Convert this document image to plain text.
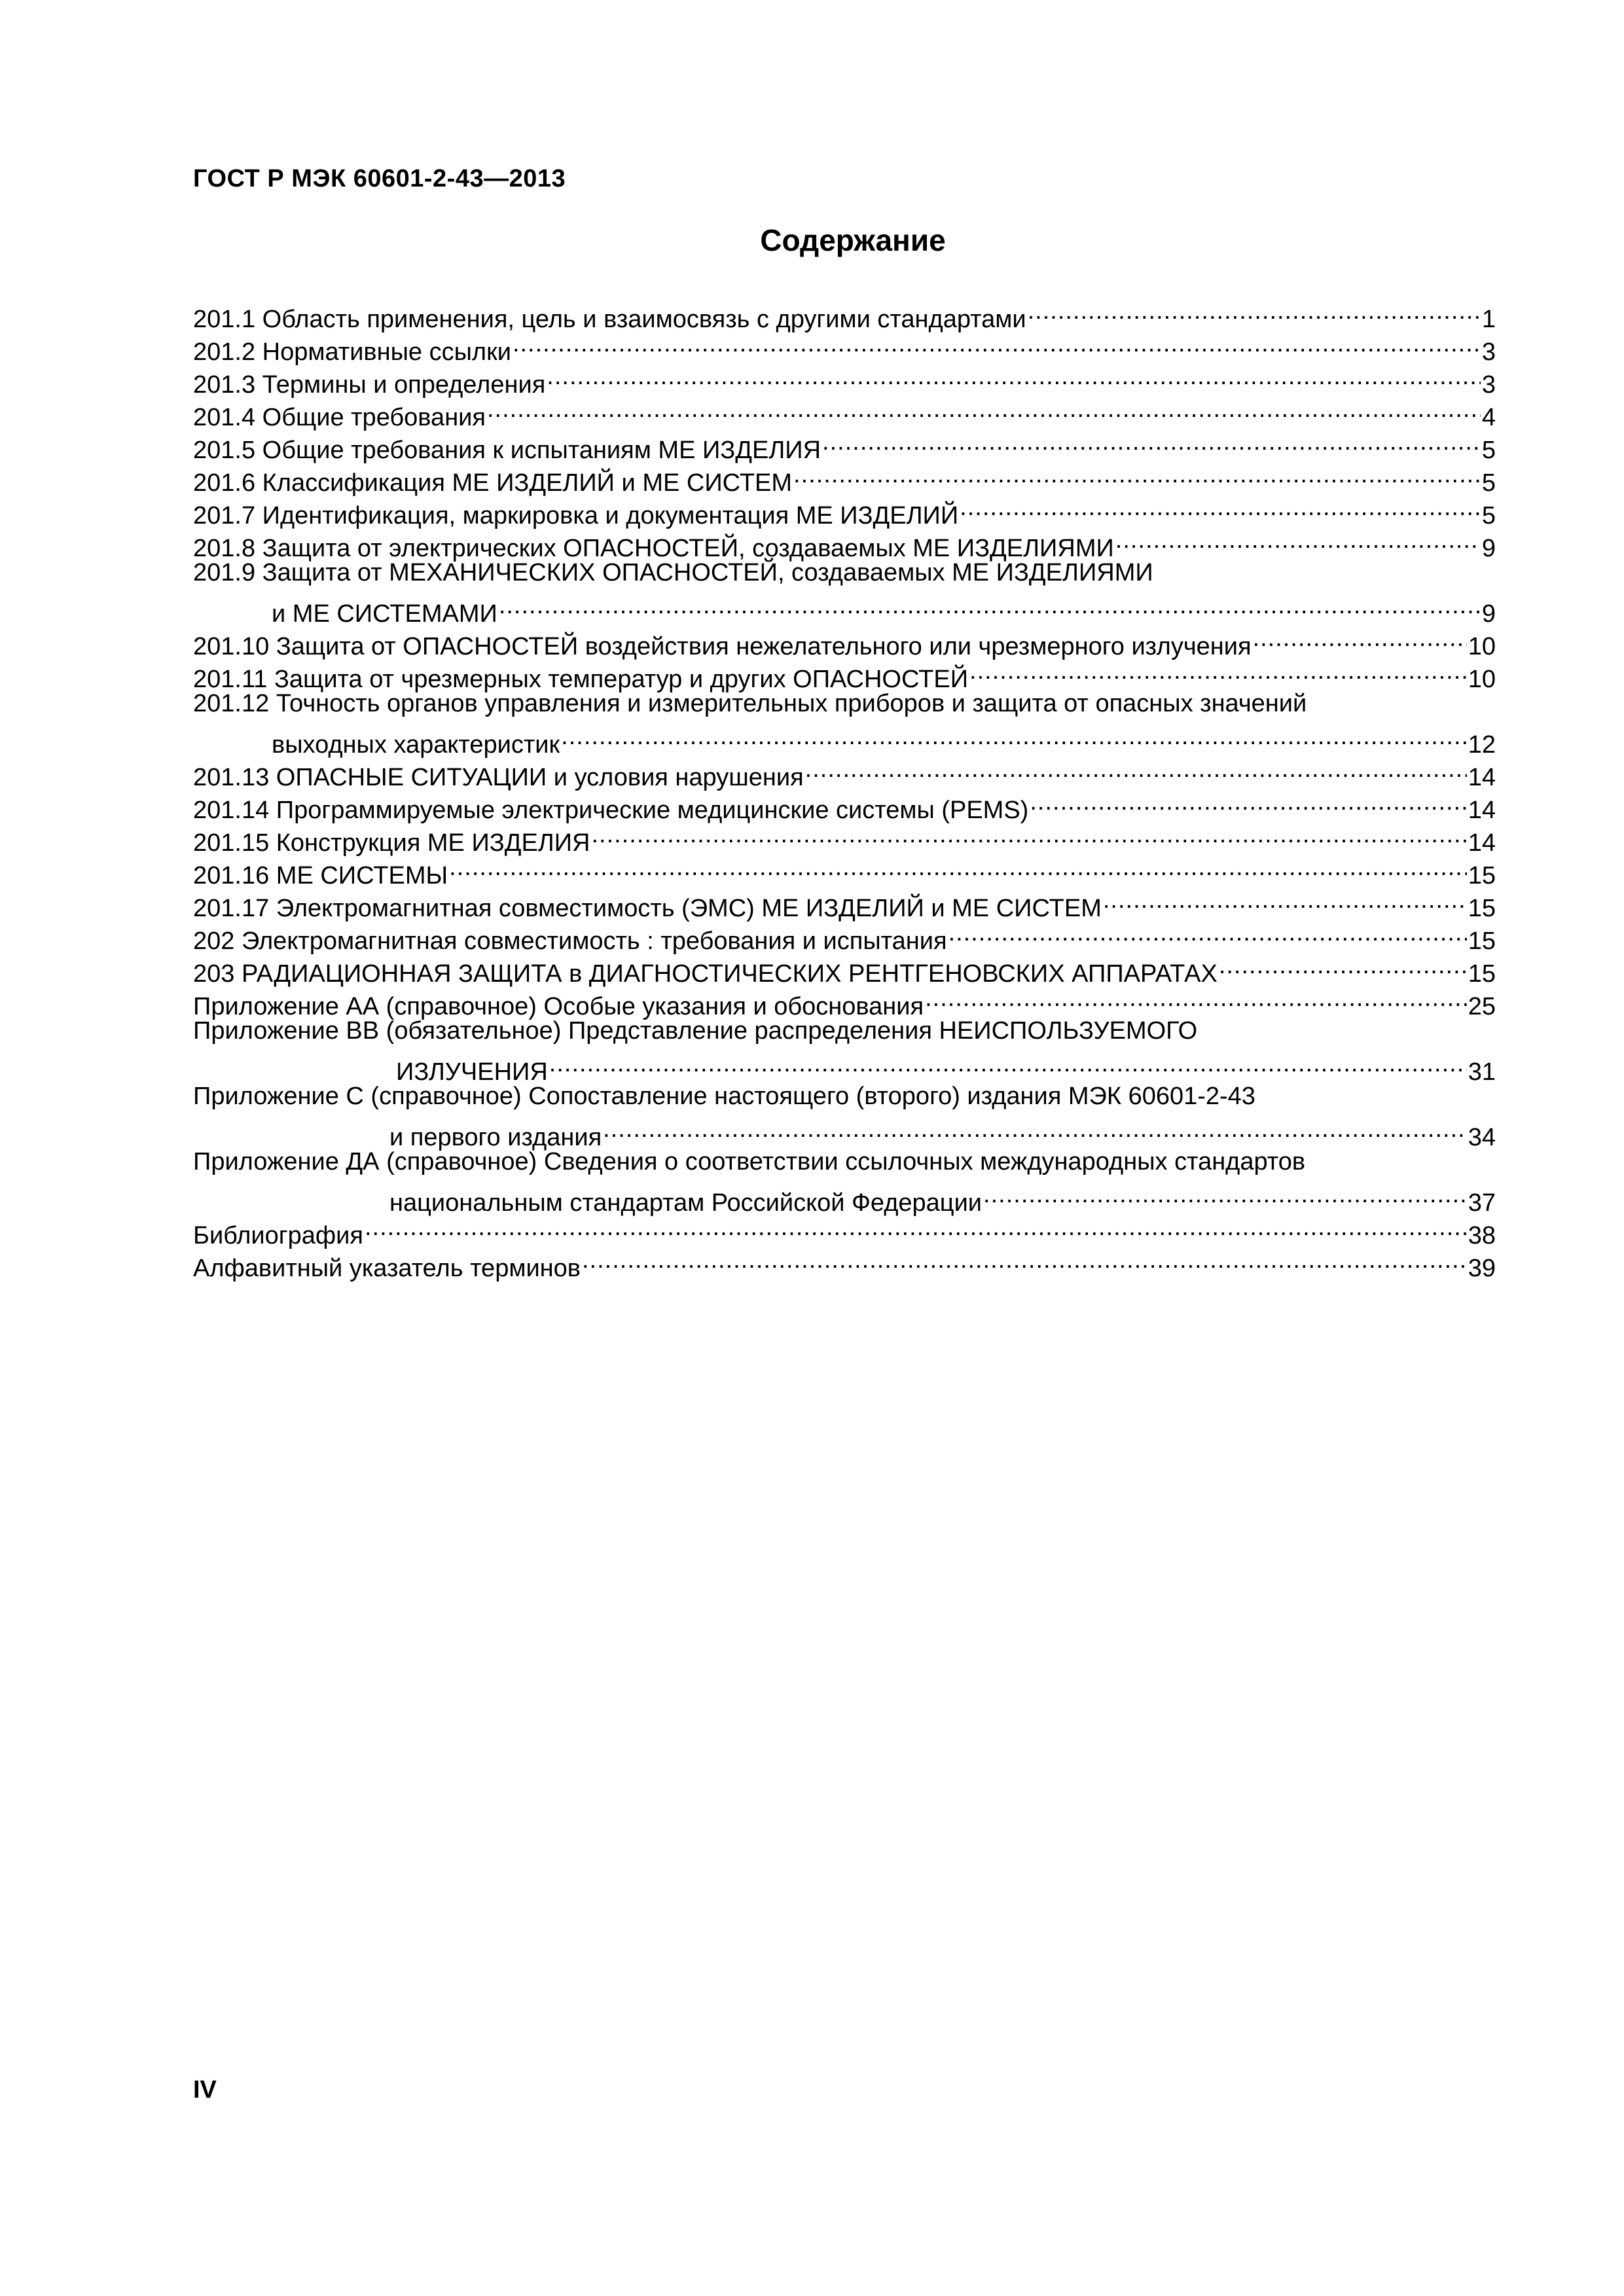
ГОСТ Р МЭК 60601-2-43—2013
Содержание
201.1 Область применения, цель и взаимосвязь с другими стандартами .....	1
201.2 Нормативные ссылки .....	3
201.3 Термины и определения .....	3
201.4 Общие требования .....	4
201.5 Общие требования к испытаниям МЕ ИЗДЕЛИЯ .....	5
201.6 Классификация МЕ ИЗДЕЛИЙ и МЕ СИСТЕМ .....	5
201.7 Идентификация, маркировка и документация МЕ ИЗДЕЛИЙ .....	5
201.8 Защита от электрических ОПАСНОСТЕЙ, создаваемых МЕ ИЗДЕЛИЯМИ .....	9
201.9 Защита от МЕХАНИЧЕСКИХ ОПАСНОСТЕЙ, создаваемых МЕ ИЗДЕЛИЯМИ
и МЕ СИСТЕМАМИ .....	9
201.10 Защита от ОПАСНОСТЕЙ воздействия нежелательного или чрезмерного излучения .....	10
201.11 Защита от чрезмерных температур и других ОПАСНОСТЕЙ .....	10
201.12 Точность органов управления и измерительных приборов и защита от опасных значений
выходных характеристик .....	12
201.13 ОПАСНЫЕ СИТУАЦИИ и условия нарушения .....	14
201.14 Программируемые электрические медицинские системы (PEMS) .....	14
201.15 Конструкция МЕ ИЗДЕЛИЯ .....	14
201.16 МЕ СИСТЕМЫ .....	15
201.17 Электромагнитная совместимость (ЭМС) МЕ ИЗДЕЛИЙ и МЕ СИСТЕМ .....	15
202 Электромагнитная совместимость : требования и испытания .....	15
203 РАДИАЦИОННАЯ ЗАЩИТА в ДИАГНОСТИЧЕСКИХ РЕНТГЕНОВСКИХ АППАРАТАХ .....	15
Приложение АА (справочное) Особые указания и обоснования .....	25
Приложение ВВ (обязательное) Представление распределения НЕИСПОЛЬЗУЕМОГО
ИЗЛУЧЕНИЯ .....	31
Приложение С (справочное) Сопоставление настоящего (второго) издания МЭК 60601-2-43
и первого издания .....	34
Приложение ДА (справочное) Сведения о соответствии ссылочных международных стандартов
национальным стандартам Российской Федерации .....	37
Библиография .....	38
Алфавитный указатель терминов .....	39
IV
